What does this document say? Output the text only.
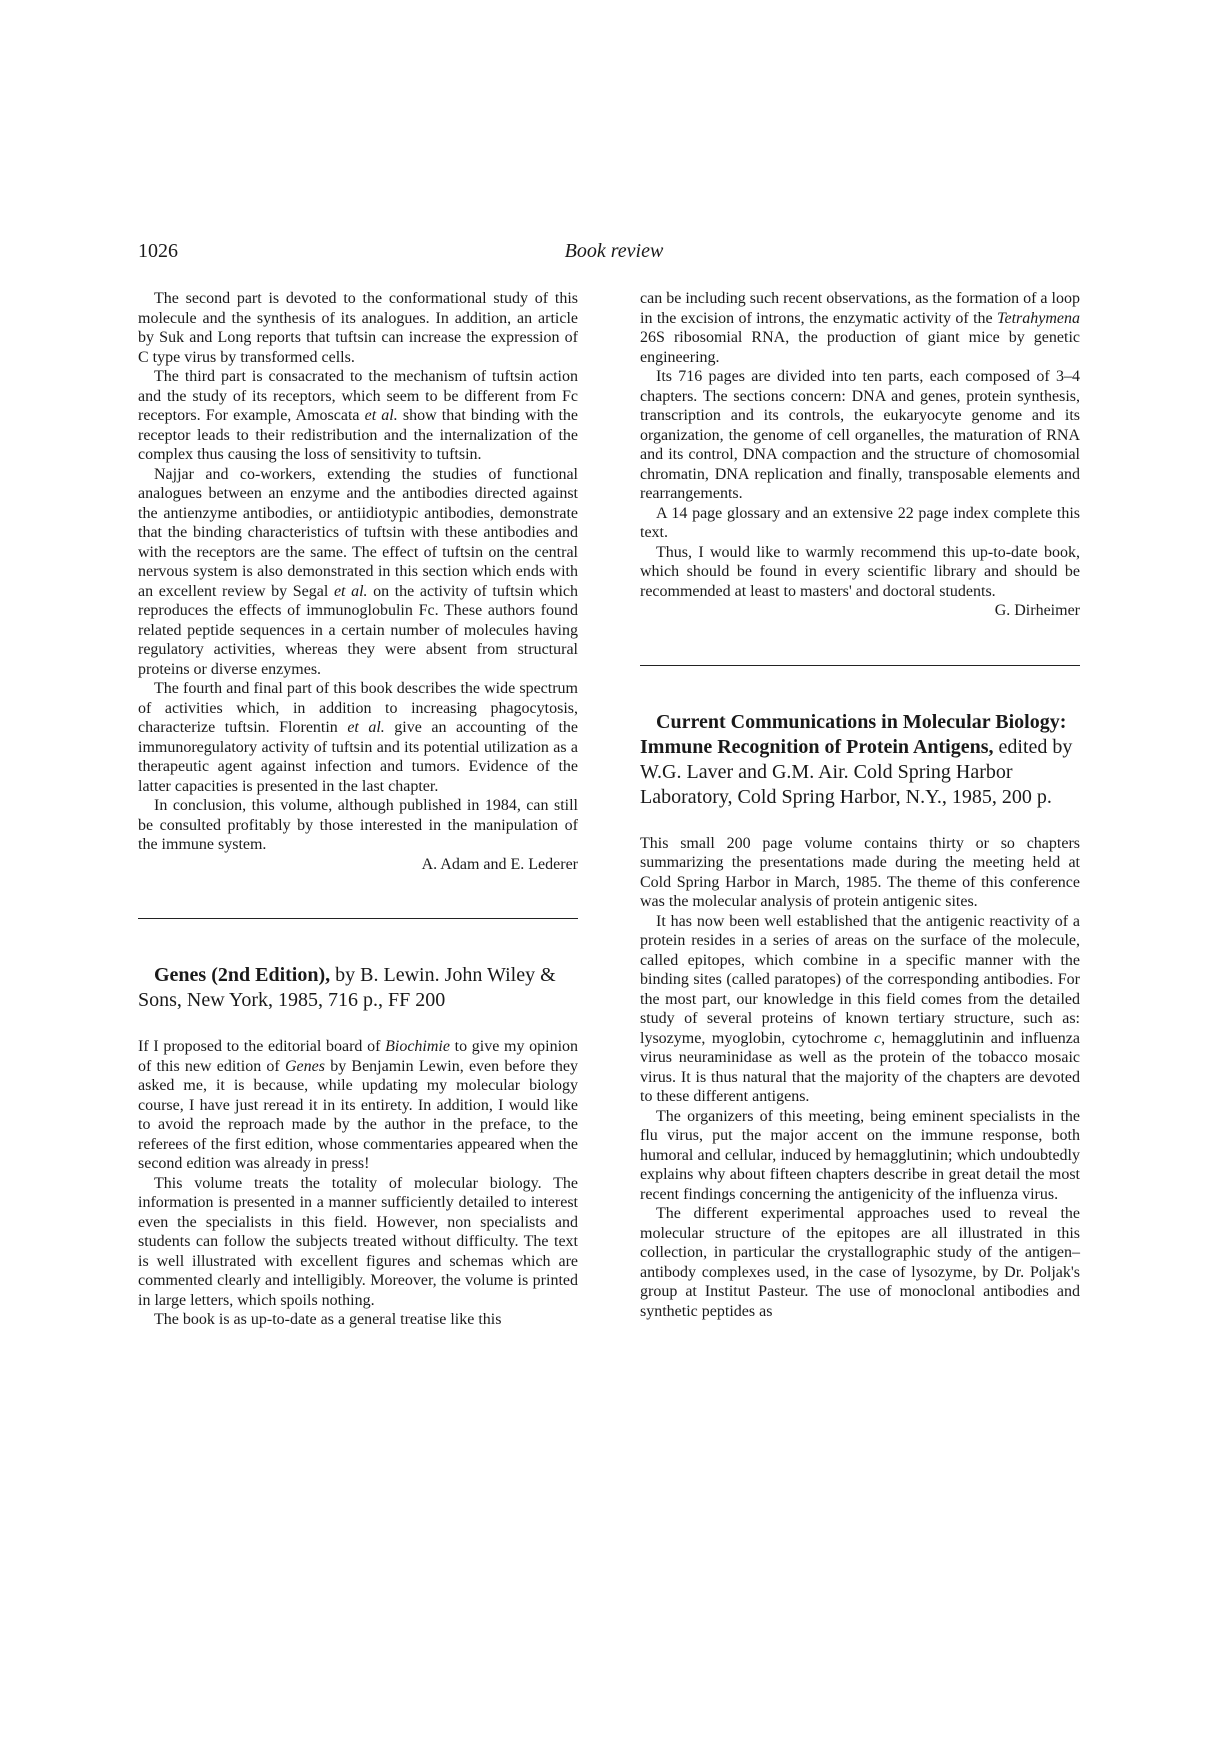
1026	Book review

The second part is devoted to the conformational study of this molecule and the synthesis of its analogues. In addition, an article by Suk and Long reports that tuftsin can increase the expression of C type virus by transformed cells.

The third part is consacrated to the mechanism of tuftsin action and the study of its receptors, which seem to be different from Fc receptors. For example, Amoscata et al. show that binding with the receptor leads to their redistribution and the internalization of the complex thus causing the loss of sensitivity to tuftsin.

Najjar and co-workers, extending the studies of functional analogues between an enzyme and the antibodies directed against the antienzyme antibodies, or antiidiotypic antibodies, demonstrate that the binding characteristics of tuftsin with these antibodies and with the receptors are the same. The effect of tuftsin on the central nervous system is also demonstrated in this section which ends with an excellent review by Segal et al. on the activity of tuftsin which reproduces the effects of immunoglobulin Fc. These authors found related peptide sequences in a certain number of molecules having regulatory activities, whereas they were absent from structural proteins or diverse enzymes.

The fourth and final part of this book describes the wide spectrum of activities which, in addition to increasing phagocytosis, characterize tuftsin. Florentin et al. give an accounting of the immunoregulatory activity of tuftsin and its potential utilization as a therapeutic agent against infection and tumors. Evidence of the latter capacities is presented in the last chapter.

In conclusion, this volume, although published in 1984, can still be consulted profitably by those interested in the manipulation of the immune system.

A. Adam and E. Lederer

Genes (2nd Edition), by B. Lewin. John Wiley & Sons, New York, 1985, 716 p., FF 200

If I proposed to the editorial board of Biochimie to give my opinion of this new edition of Genes by Benjamin Lewin, even before they asked me, it is because, while updating my molecular biology course, I have just reread it in its entirety. In addition, I would like to avoid the reproach made by the author in the preface, to the referees of the first edition, whose commentaries appeared when the second edition was already in press!

This volume treats the totality of molecular biology. The information is presented in a manner sufficiently detailed to interest even the specialists in this field. However, non specialists and students can follow the subjects treated without difficulty. The text is well illustrated with excellent figures and schemas which are commented clearly and intelligibly. Moreover, the volume is printed in large letters, which spoils nothing.

The book is as up-to-date as a general treatise like this

can be including such recent observations, as the formation of a loop in the excision of introns, the enzymatic activity of the Tetrahymena 26S ribosomial RNA, the production of giant mice by genetic engineering.

Its 716 pages are divided into ten parts, each composed of 3–4 chapters. The sections concern: DNA and genes, protein synthesis, transcription and its controls, the eukaryocyte genome and its organization, the genome of cell organelles, the maturation of RNA and its control, DNA compaction and the structure of chomosomial chromatin, DNA replication and finally, transposable elements and rearrangements.

A 14 page glossary and an extensive 22 page index complete this text.

Thus, I would like to warmly recommend this up-to-date book, which should be found in every scientific library and should be recommended at least to masters' and doctoral students.

G. Dirheimer

Current Communications in Molecular Biology: Immune Recognition of Protein Antigens, edited by W.G. Laver and G.M. Air. Cold Spring Harbor Laboratory, Cold Spring Harbor, N.Y., 1985, 200 p.

This small 200 page volume contains thirty or so chapters summarizing the presentations made during the meeting held at Cold Spring Harbor in March, 1985. The theme of this conference was the molecular analysis of protein antigenic sites.

It has now been well established that the antigenic reactivity of a protein resides in a series of areas on the surface of the molecule, called epitopes, which combine in a specific manner with the binding sites (called paratopes) of the corresponding antibodies. For the most part, our knowledge in this field comes from the detailed study of several proteins of known tertiary structure, such as: lysozyme, myoglobin, cytochrome c, hemagglutinin and influenza virus neuraminidase as well as the protein of the tobacco mosaic virus. It is thus natural that the majority of the chapters are devoted to these different antigens.

The organizers of this meeting, being eminent specialists in the flu virus, put the major accent on the immune response, both humoral and cellular, induced by hemagglutinin; which undoubtedly explains why about fifteen chapters describe in great detail the most recent findings concerning the antigenicity of the influenza virus.

The different experimental approaches used to reveal the molecular structure of the epitopes are all illustrated in this collection, in particular the crystallographic study of the antigen–antibody complexes used, in the case of lysozyme, by Dr. Poljak's group at Institut Pasteur. The use of monoclonal antibodies and synthetic peptides as
